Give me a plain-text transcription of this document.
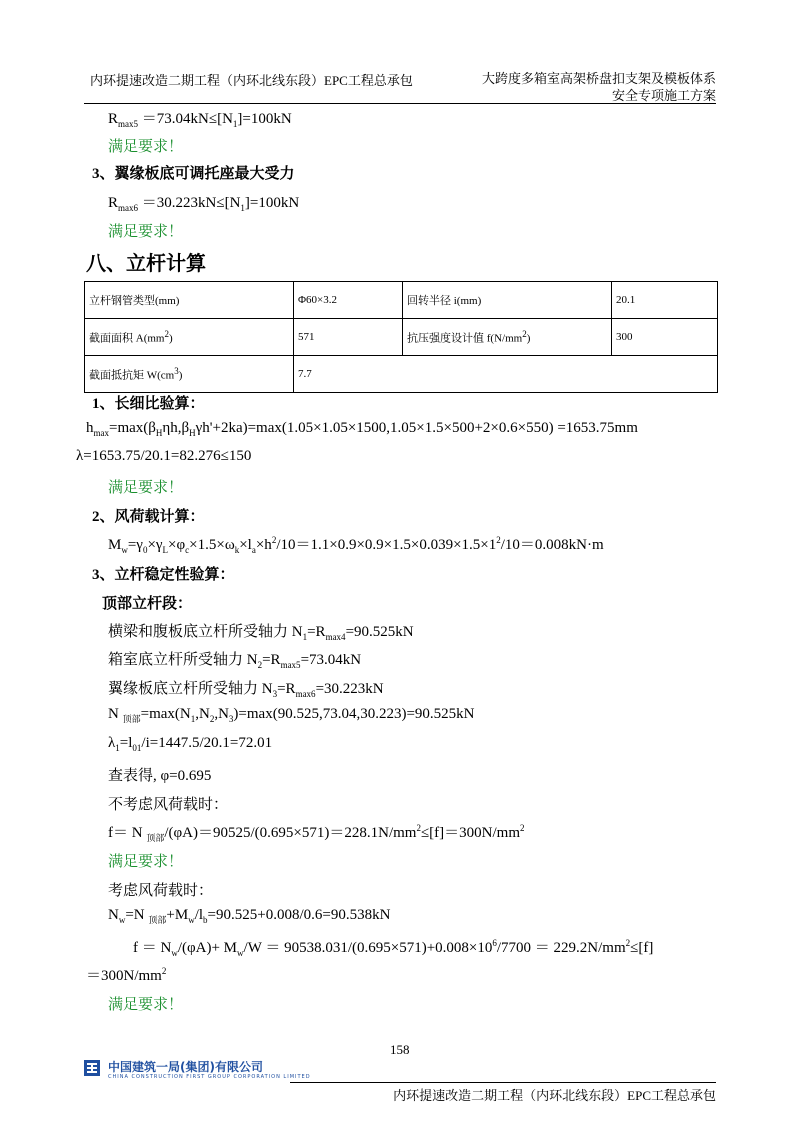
内环提速改造二期工程（内环北线东段）EPC工程总承包	大跨度多箱室高架桥盘扣支架及模板体系
安全专项施工方案
$R_{max5} =73.04kN\le[N_1]=100kN$
满足要求！
3、翼缘板底可调托座最大受力
$R_{max6} =30.223kN\le[N_1]=100kN$
满足要求！
八、立杆计算
立杆钢管类型(mm)	Φ60×3.2	回转半径 i(mm)	20.1
截面面积 $A(mm^2)$	571	抗压强度设计值 $f(N/mm^2)$	300
截面抵抗矩 $W(cm^3)$	7.7		
1、长细比验算：
$h_{max}=\max(\beta_H\eta h,\beta_H\gamma h'+2ka)=\max(1.05\times 1.05\times 1500,1.05\times 1.5\times 500+2\times 0.6\times 550) =1653.75mm$
λ=1653.75/20.1=82.276≤150
满足要求！
2、风荷载计算：
$M_w=\gamma_0\times\gamma_L\times\varphi_c\times 1.5\times\omega_k\times l_a\times h^2/10=1.1\times 0.9\times 0.9\times 1.5\times 0.039\times 1.5\times 1^2/10=0.008kN\cdot m$
3、立杆稳定性验算：
顶部立杆段：
横梁和腹板底立杆所受轴力 $N_1=R_{max4}=90.525kN$
箱室底立杆所受轴力 $N_2=R_{max5}=73.04kN$
翼缘板底立杆所受轴力 $N_3=R_{max6}=30.223kN$
N $_{顶部}=\max(N_1,N_2,N_3)=\max(90.525,73.04,30.223)=90.525kN$
$\lambda_1=l_{01}/i=1447.5/20.1=72.01$
查表得, φ=0.695
不考虑风荷载时：
f＝ N $_{顶部}/(\varphi A)=90525/(0.695\times 571)=228.1N/mm^2\le[f]=300N/mm^2$
满足要求！
考虑风荷载时：
$N_w=N$ $_{顶部}+M_w/l_b=90.525+0.008/0.6=90.538kN$
$f = N_w/(\varphi A)+ M_w/W = 90538.031/(0.695\times 571)+0.008\times 10^6/7700 = 229.2N/mm^2\le[f]$
$=300N/mm^2$
满足要求！
158
中国建筑一局(集团)有限公司
CHINA CONSTRUCTION FIRST GROUP CORPORATION LIMITED
内环提速改造二期工程（内环北线东段）EPC工程总承包
